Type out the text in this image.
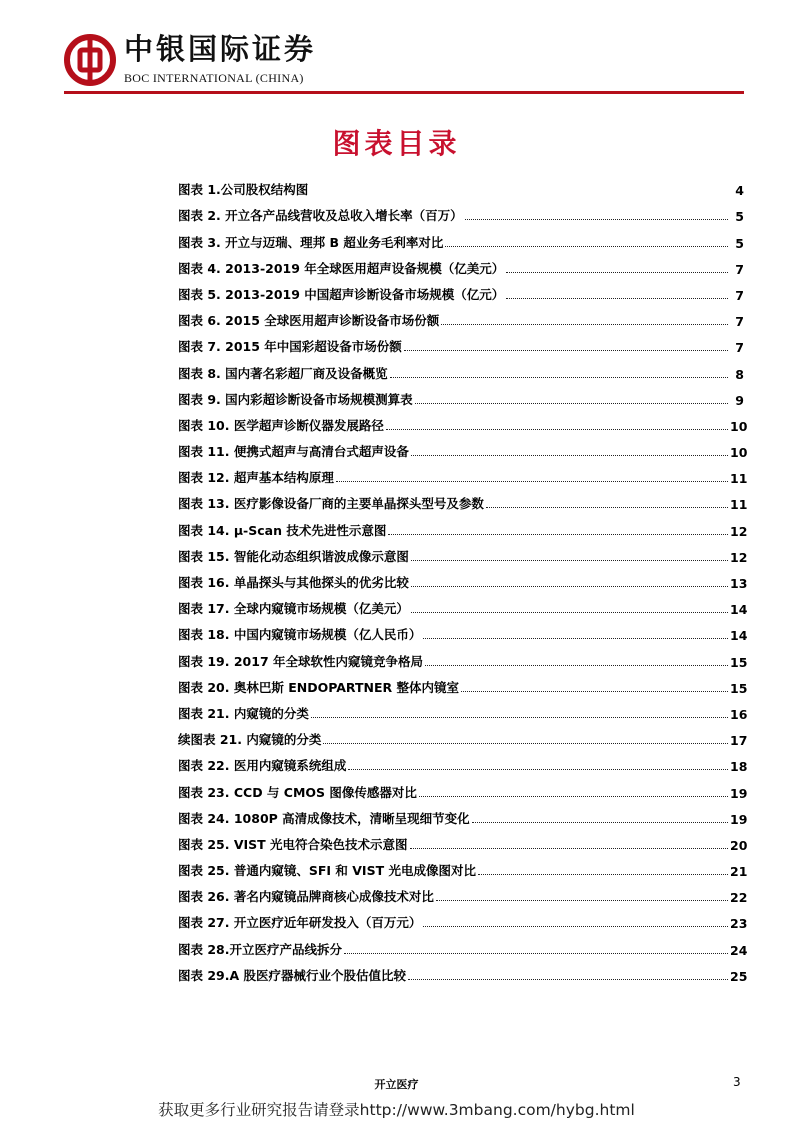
中银国际证券
BOC INTERNATIONAL (CHINA)
图表目录
图表 1.公司股权结构图	4
图表 2. 开立各产品线营收及总收入增长率（百万）	5
图表 3. 开立与迈瑞、理邦 B 超业务毛利率对比	5
图表 4. 2013-2019 年全球医用超声设备规模（亿美元）	7
图表 5. 2013-2019 中国超声诊断设备市场规模（亿元）	7
图表 6. 2015 全球医用超声诊断设备市场份额	7
图表 7. 2015 年中国彩超设备市场份额	7
图表 8. 国内著名彩超厂商及设备概览	8
图表 9. 国内彩超诊断设备市场规模测算表	9
图表 10. 医学超声诊断仪器发展路径	10
图表 11. 便携式超声与高清台式超声设备	10
图表 12. 超声基本结构原理	11
图表 13. 医疗影像设备厂商的主要单晶探头型号及参数	11
图表 14. μ-Scan 技术先进性示意图	12
图表 15. 智能化动态组织谐波成像示意图	12
图表 16. 单晶探头与其他探头的优劣比较	13
图表 17. 全球内窥镜市场规模（亿美元）	14
图表 18. 中国内窥镜市场规模（亿人民币）	14
图表 19. 2017 年全球软性内窥镜竞争格局	15
图表 20. 奥林巴斯 ENDOPARTNER 整体内镜室	15
图表 21. 内窥镜的分类	16
续图表 21. 内窥镜的分类	17
图表 22. 医用内窥镜系统组成	18
图表 23. CCD 与 CMOS 图像传感器对比	19
图表 24. 1080P 高清成像技术，清晰呈现细节变化	19
图表 25. VIST 光电符合染色技术示意图	20
图表 25. 普通内窥镜、SFI 和 VIST 光电成像图对比	21
图表 26. 著名内窥镜品牌商核心成像技术对比	22
图表 27. 开立医疗近年研发投入（百万元）	23
图表 28.开立医疗产品线拆分	24
图表 29.A 股医疗器械行业个股估值比较	25
开立医疗	3
获取更多行业研究报告请登录http://www.3mbang.com/hybg.html
